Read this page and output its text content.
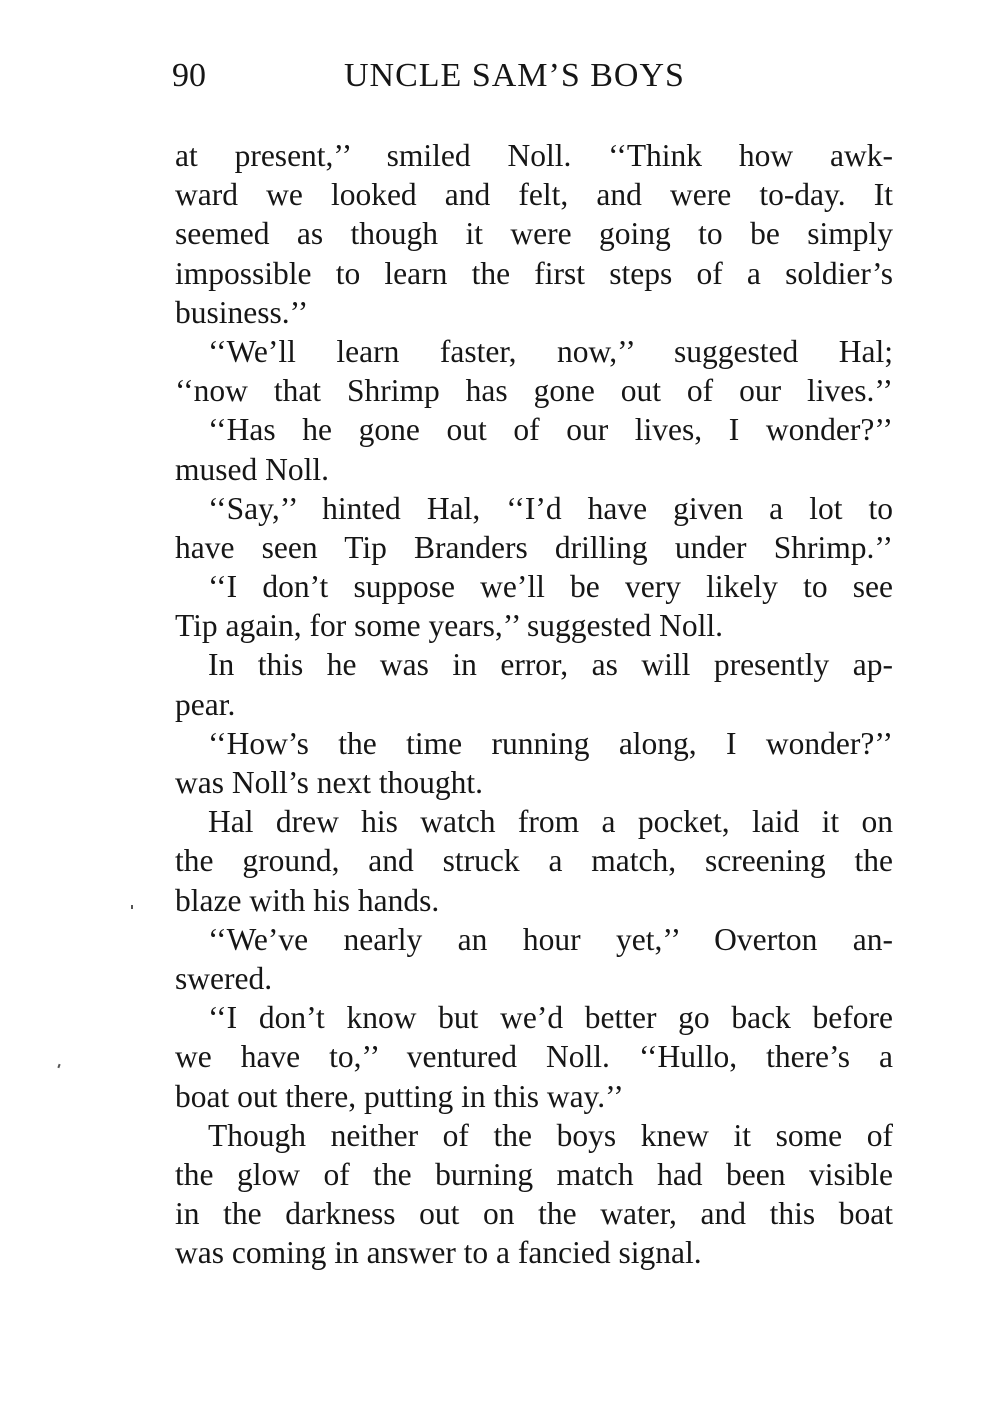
90	UNCLE SAM’S BOYS
at present,’’ smiled Noll. ‘‘Think how awk-
ward we looked and felt, and were to-day. It
seemed as though it were going to be simply
impossible to learn the first steps of a soldier’s
business.’’
‘‘We’ll learn faster, now,’’ suggested Hal;
‘‘now that Shrimp has gone out of our lives.’’
‘‘Has he gone out of our lives, I wonder?’’
mused Noll.
‘‘Say,’’ hinted Hal, ‘‘I’d have given a lot to
have seen Tip Branders drilling under Shrimp.’’
‘‘I don’t suppose we’ll be very likely to see
Tip again, for some years,’’ suggested Noll.
In this he was in error, as will presently ap-
pear.
‘‘How’s the time running along, I wonder?’’
was Noll’s next thought.
Hal drew his watch from a pocket, laid it on
the ground, and struck a match, screening the
blaze with his hands.
‘‘We’ve nearly an hour yet,’’ Overton an-
swered.
‘‘I don’t know but we’d better go back before
we have to,’’ ventured Noll. ‘‘Hullo, there’s a
boat out there, putting in this way.’’
Though neither of the boys knew it some of
the glow of the burning match had been visible
in the darkness out on the water, and this boat
was coming in answer to a fancied signal.
